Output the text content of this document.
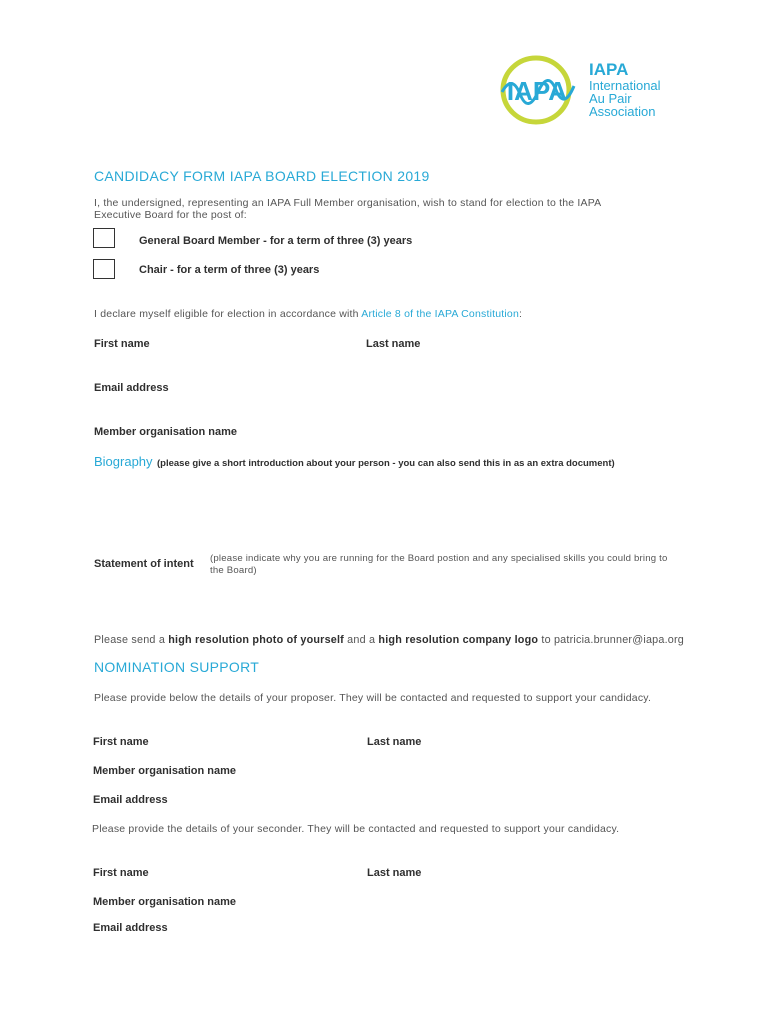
IAPA
IAPA
International
Au Pair
Association
CANDIDACY FORM IAPA BOARD ELECTION 2019
I, the undersigned, representing an IAPA Full Member organisation, wish to stand for election to the IAPA
Executive Board for the post of:
General Board Member - for a term of three (3) years
Chair - for a term of three (3) years
I declare myself eligible for election in accordance with Article 8 of the IAPA Constitution:
First name	Last name
Email address
Member organisation name
Biography (please give a short introduction about your person - you can also send this in as an extra document)
Statement of intent (please indicate why you are running for the Board postion and any specialised skills you could bring to
the Board)
Please send a high resolution photo of yourself and a high resolution company logo to patricia.brunner@iapa.org
NOMINATION SUPPORT
Please provide below the details of your proposer. They will be contacted and requested to support your candidacy.
First name	Last name
Member organisation name
Email address
Please provide the details of your seconder. They will be contacted and requested to support your candidacy.
First name	Last name
Member organisation name
Email address
